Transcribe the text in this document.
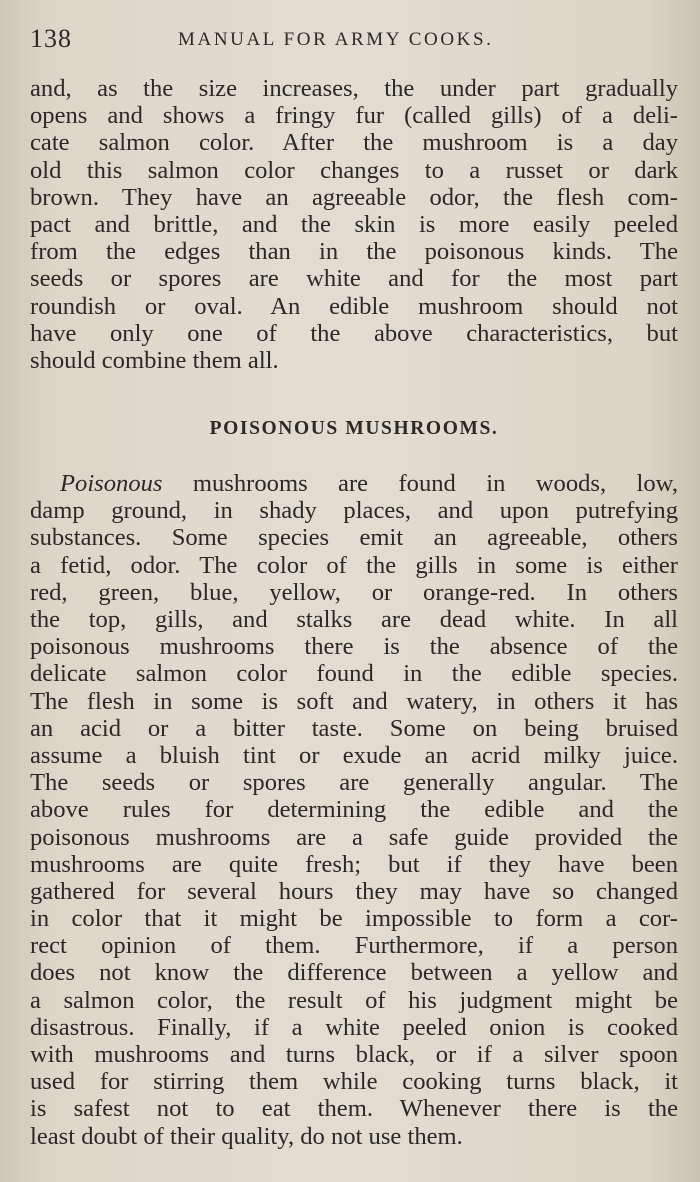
138	MANUAL FOR ARMY COOKS.
and, as the size increases, the under part gradually
opens and shows a fringy fur (called gills) of a deli-
cate salmon color. After the mushroom is a day
old this salmon color changes to a russet or dark
brown. They have an agreeable odor, the flesh com-
pact and brittle, and the skin is more easily peeled
from the edges than in the poisonous kinds. The
seeds or spores are white and for the most part
roundish or oval. An edible mushroom should not
have only one of the above characteristics, but
should combine them all.
POISONOUS MUSHROOMS.
Poisonous mushrooms are found in woods, low,
damp ground, in shady places, and upon putrefying
substances. Some species emit an agreeable, others
a fetid, odor. The color of the gills in some is either
red, green, blue, yellow, or orange-red. In others
the top, gills, and stalks are dead white. In all
poisonous mushrooms there is the absence of the
delicate salmon color found in the edible species.
The flesh in some is soft and watery, in others it has
an acid or a bitter taste. Some on being bruised
assume a bluish tint or exude an acrid milky juice.
The seeds or spores are generally angular. The
above rules for determining the edible and the
poisonous mushrooms are a safe guide provided the
mushrooms are quite fresh; but if they have been
gathered for several hours they may have so changed
in color that it might be impossible to form a cor-
rect opinion of them. Furthermore, if a person
does not know the difference between a yellow and
a salmon color, the result of his judgment might be
disastrous. Finally, if a white peeled onion is cooked
with mushrooms and turns black, or if a silver spoon
used for stirring them while cooking turns black, it
is safest not to eat them. Whenever there is the
least doubt of their quality, do not use them.
